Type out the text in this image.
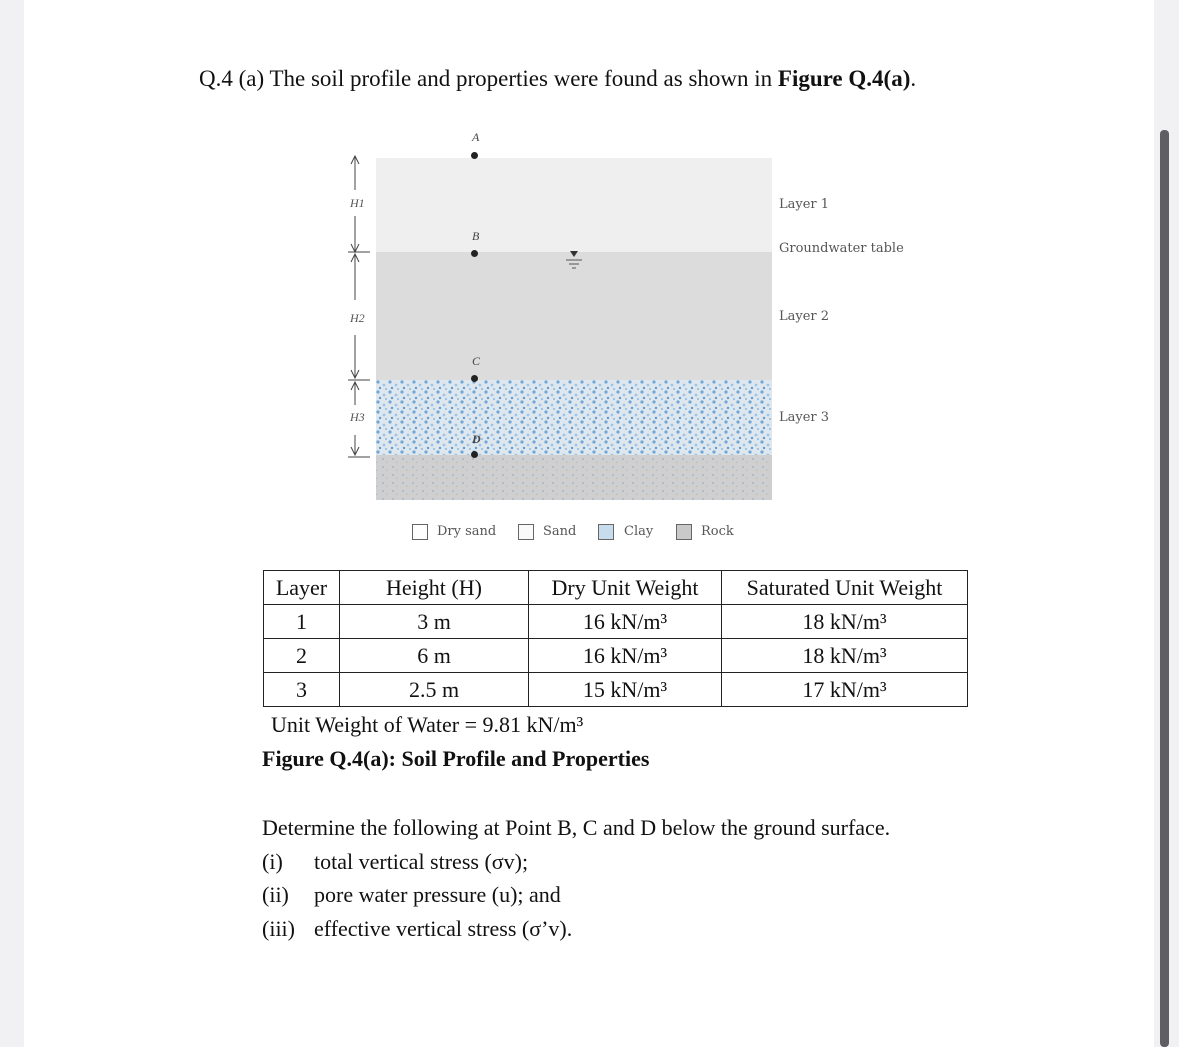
Q.4 (a) The soil profile and properties were found as shown in Figure Q.4(a).
H1
H2
H3
A
B
C
D
Layer 1
Groundwater table
Layer 2
Layer 3
Dry sand	Sand	Clay	Rock
Layer	Height (H)	Dry Unit Weight	Saturated Unit Weight
1	3 m	16 kN/m³	18 kN/m³
2	6 m	16 kN/m³	18 kN/m³
3	2.5 m	15 kN/m³	17 kN/m³
Unit Weight of Water = 9.81 kN/m³
Figure Q.4(a): Soil Profile and Properties
Determine the following at Point B, C and D below the ground surface.
(i) total vertical stress (σv);
(ii) pore water pressure (u); and
(iii) effective vertical stress (σ’v).
